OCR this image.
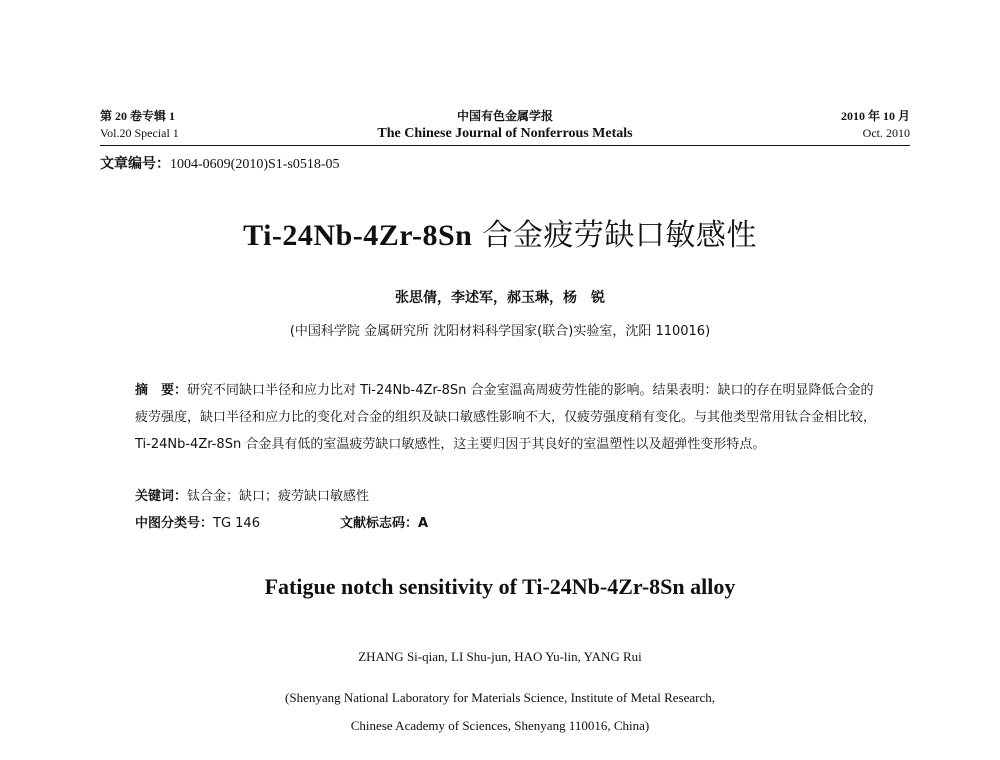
第 20 卷专辑 1	中国有色金属学报	2010 年 10 月
Vol.20 Special 1	The Chinese Journal of Nonferrous Metals	Oct. 2010
文章编号：1004-0609(2010)S1-s0518-05
Ti-24Nb-4Zr-8Sn 合金疲劳缺口敏感性
张思倩，李述军，郝玉琳，杨　锐
(中国科学院 金属研究所 沈阳材料科学国家(联合)实验室，沈阳 110016)
摘　要：研究不同缺口半径和应力比对 Ti-24Nb-4Zr-8Sn 合金室温高周疲劳性能的影响。结果表明：缺口的存在明显降低合金的疲劳强度，缺口半径和应力比的变化对合金的组织及缺口敏感性影响不大，仅疲劳强度稍有变化。与其他类型常用钛合金相比较，Ti-24Nb-4Zr-8Sn 合金具有低的室温疲劳缺口敏感性，这主要归因于其良好的室温塑性以及超弹性变形特点。
关键词：钛合金；缺口；疲劳缺口敏感性
中图分类号：TG 146	文献标志码：A
Fatigue notch sensitivity of Ti-24Nb-4Zr-8Sn alloy
ZHANG Si-qian, LI Shu-jun, HAO Yu-lin, YANG Rui
(Shenyang National Laboratory for Materials Science, Institute of Metal Research,
Chinese Academy of Sciences, Shenyang 110016, China)
